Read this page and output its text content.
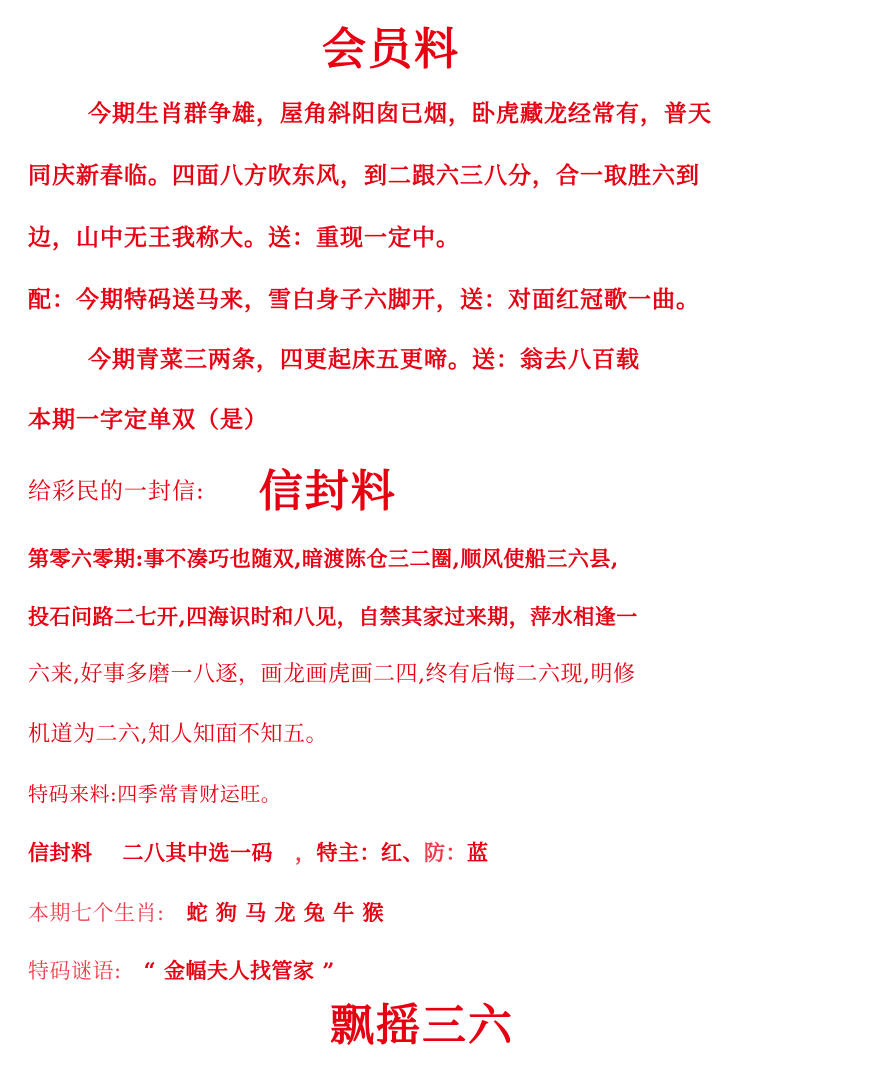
会员料
今期生肖群争雄，屋角斜阳囱已烟，卧虎藏龙经常有，普天
同庆新春临。四面八方吹东风，到二跟六三八分，合一取胜六到
边，山中无王我称大。送：重现一定中。
配：今期特码送马来，雪白身子六脚开，送：对面红冠歌一曲。
今期青菜三两条，四更起床五更啼。送：翁去八百载
本期一字定单双（是）
给彩民的一封信: 信封料
第零六零期:事不凑巧也随双,暗渡陈仓三二圈,顺风使船三六县,
投石问路二七开,四海识时和八见，自禁其家过来期，萍水相逢一
六来,好事多磨一八逐，画龙画虎画二四,终有后悔二六现,明修
机道为二六,知人知面不知五。
特码来料:四季常青财运旺。
信封料 二八其中选一码 ，特主：红、防：蓝
本期七个生肖: 蛇 狗 马 龙 兔 牛 猴
特码谜语: “ 金幅夫人找管家 ”
飘摇三六
